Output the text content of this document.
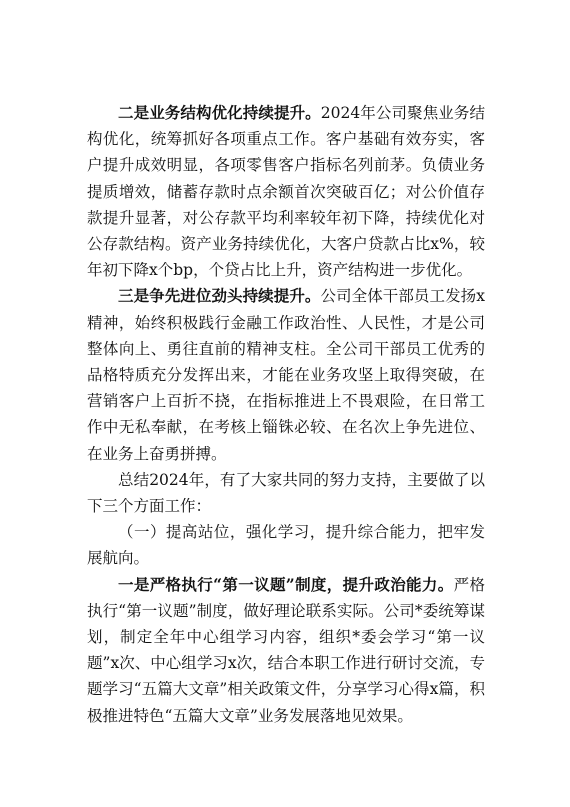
二是业务结构优化持续提升。2024年公司聚焦业务结构优化，统筹抓好各项重点工作。客户基础有效夯实，客户提升成效明显，各项零售客户指标名列前茅。负债业务提质增效，储蓄存款时点余额首次突破百亿；对公价值存款提升显著，对公存款平均利率较年初下降，持续优化对公存款结构。资产业务持续优化，大客户贷款占比x%，较年初下降x个bp，个贷占比上升，资产结构进一步优化。

三是争先进位劲头持续提升。公司全体干部员工发扬x精神，始终积极践行金融工作政治性、人民性，才是公司整体向上、勇往直前的精神支柱。全公司干部员工优秀的品格特质充分发挥出来，才能在业务攻坚上取得突破，在营销客户上百折不挠，在指标推进上不畏艰险，在日常工作中无私奉献，在考核上锱铢必较、在名次上争先进位、在业务上奋勇拼搏。

总结2024年，有了大家共同的努力支持，主要做了以下三个方面工作：

（一）提高站位，强化学习，提升综合能力，把牢发展航向。

一是严格执行“第一议题”制度，提升政治能力。严格执行“第一议题”制度，做好理论联系实际。公司*委统筹谋划，制定全年中心组学习内容，组织*委会学习“第一议题”x次、中心组学习x次，结合本职工作进行研讨交流，专题学习“五篇大文章”相关政策文件，分享学习心得x篇，积极推进特色“五篇大文章”业务发展落地见效果。
